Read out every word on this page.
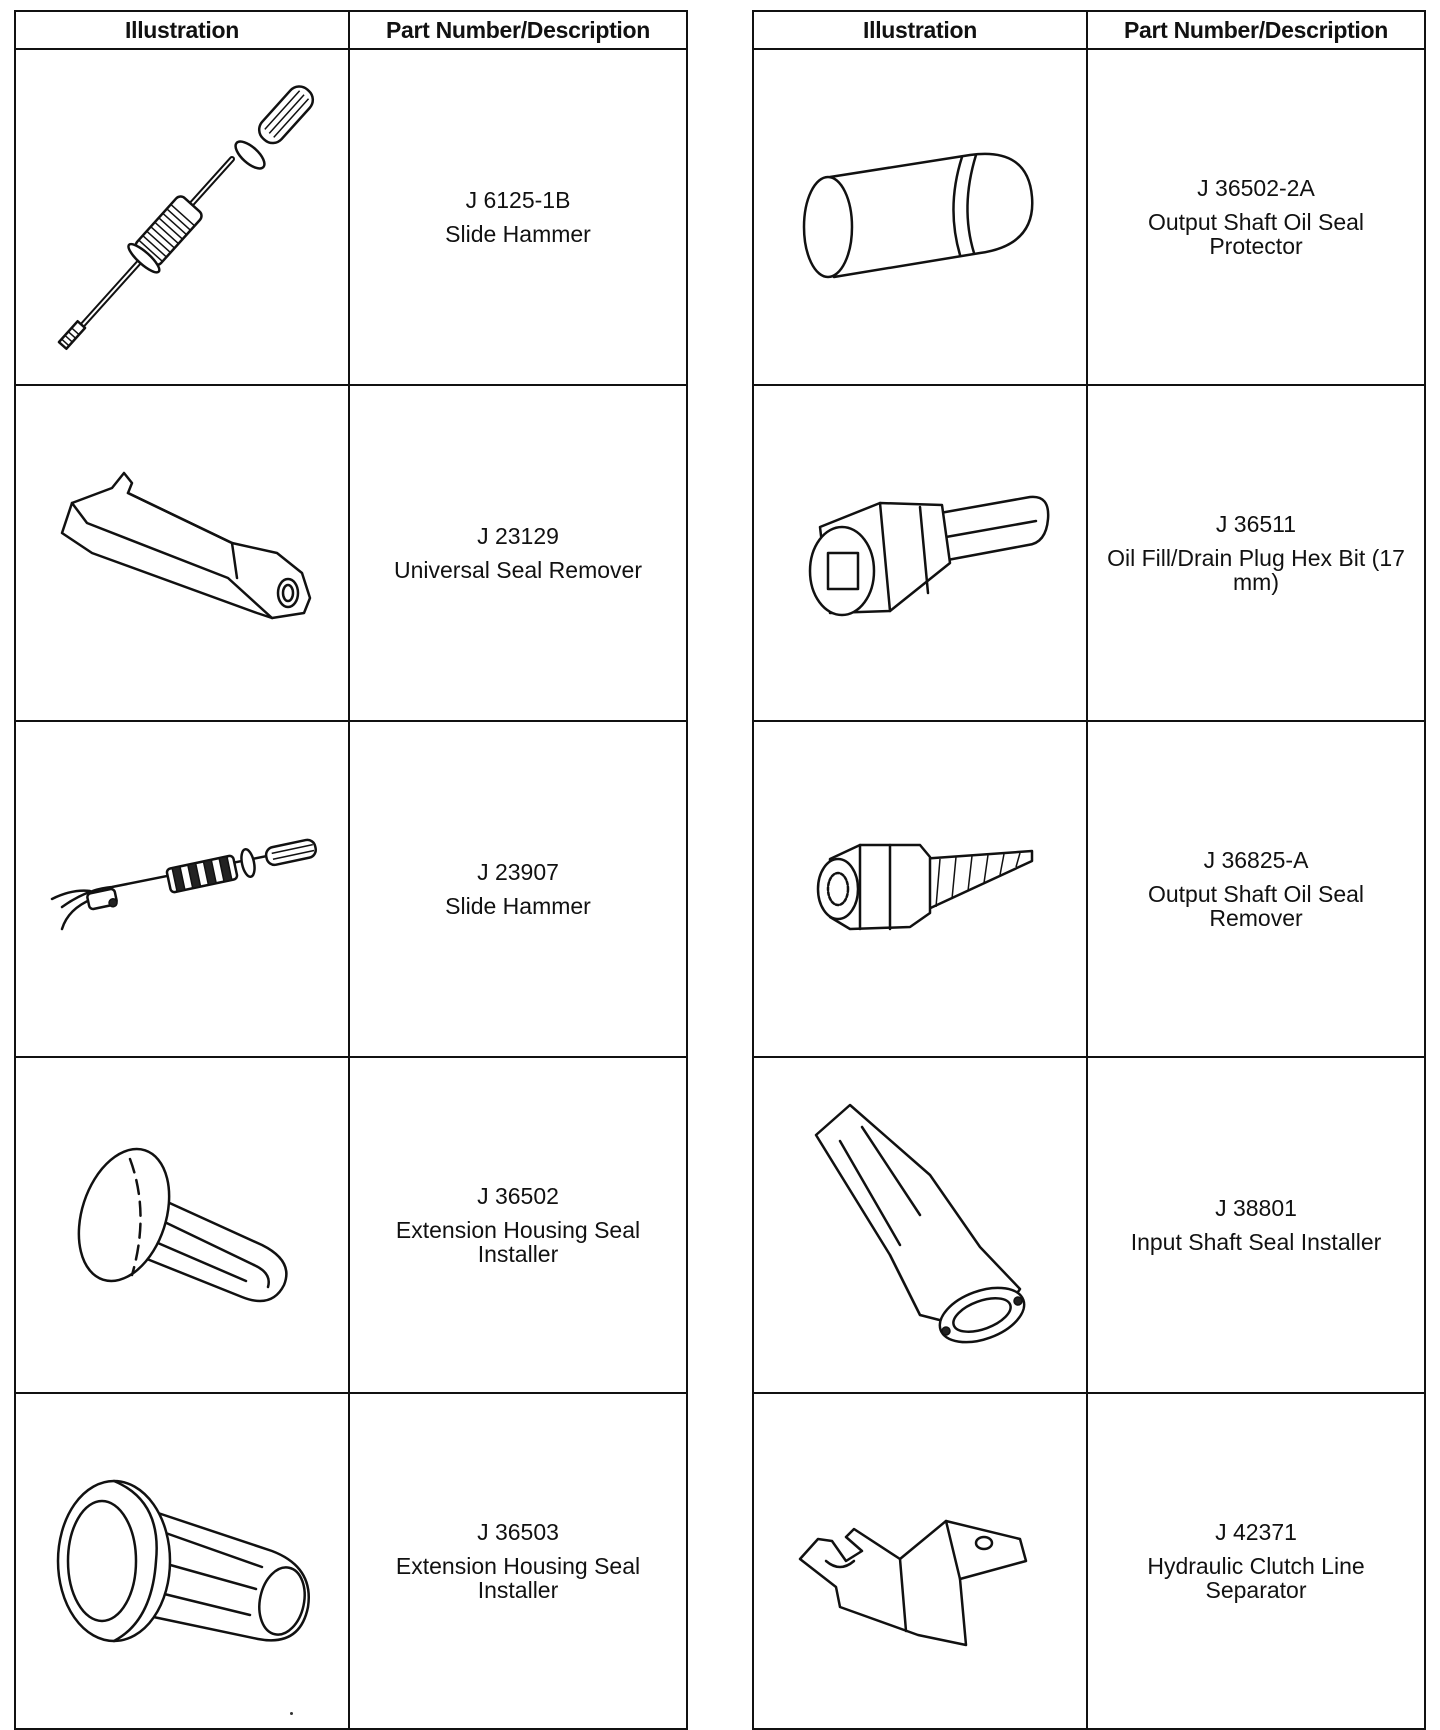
Illustration	Part Number/Description

J 6125-1B
Slide Hammer

J 23129
Universal Seal Remover

J 23907
Slide Hammer

J 36502
Extension Housing Seal Installer

J 36503
Extension Housing Seal Installer
Illustration	Part Number/Description

J 36502-2A
Output Shaft Oil Seal Protector

J 36511
Oil Fill/Drain Plug Hex Bit (17 mm)

J 36825-A
Output Shaft Oil Seal Remover

J 38801
Input Shaft Seal Installer

J 42371
Hydraulic Clutch Line Separator
